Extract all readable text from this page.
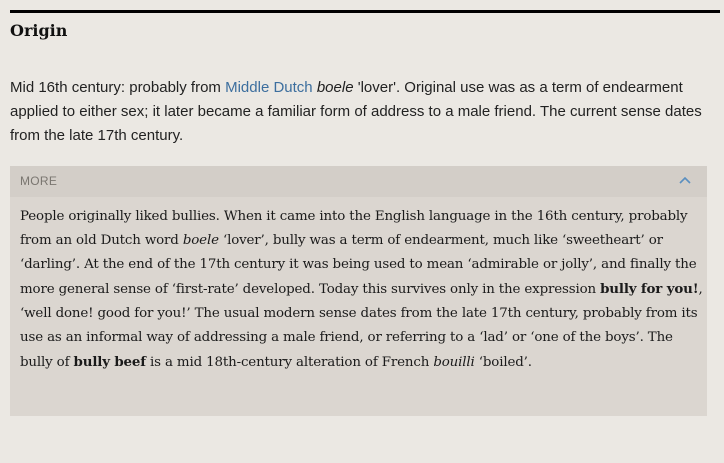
Origin

Mid 16th century: probably from Middle Dutch boele 'lover'. Original use was as a term of endearment applied to either sex; it later became a familiar form of address to a male friend. The current sense dates from the late 17th century.

MORE

People originally liked bullies. When it came into the English language in the 16th century, probably from an old Dutch word boele ‘lover’, bully was a term of endearment, much like ‘sweetheart’ or ‘darling’. At the end of the 17th century it was being used to mean ‘admirable or jolly’, and finally the more general sense of ‘first-rate’ developed. Today this survives only in the expression bully for you!, ‘well done! good for you!’ The usual modern sense dates from the late 17th century, probably from its use as an informal way of addressing a male friend, or referring to a ‘lad’ or ‘one of the boys’. The bully of bully beef is a mid 18th-century alteration of French bouilli ‘boiled’.
